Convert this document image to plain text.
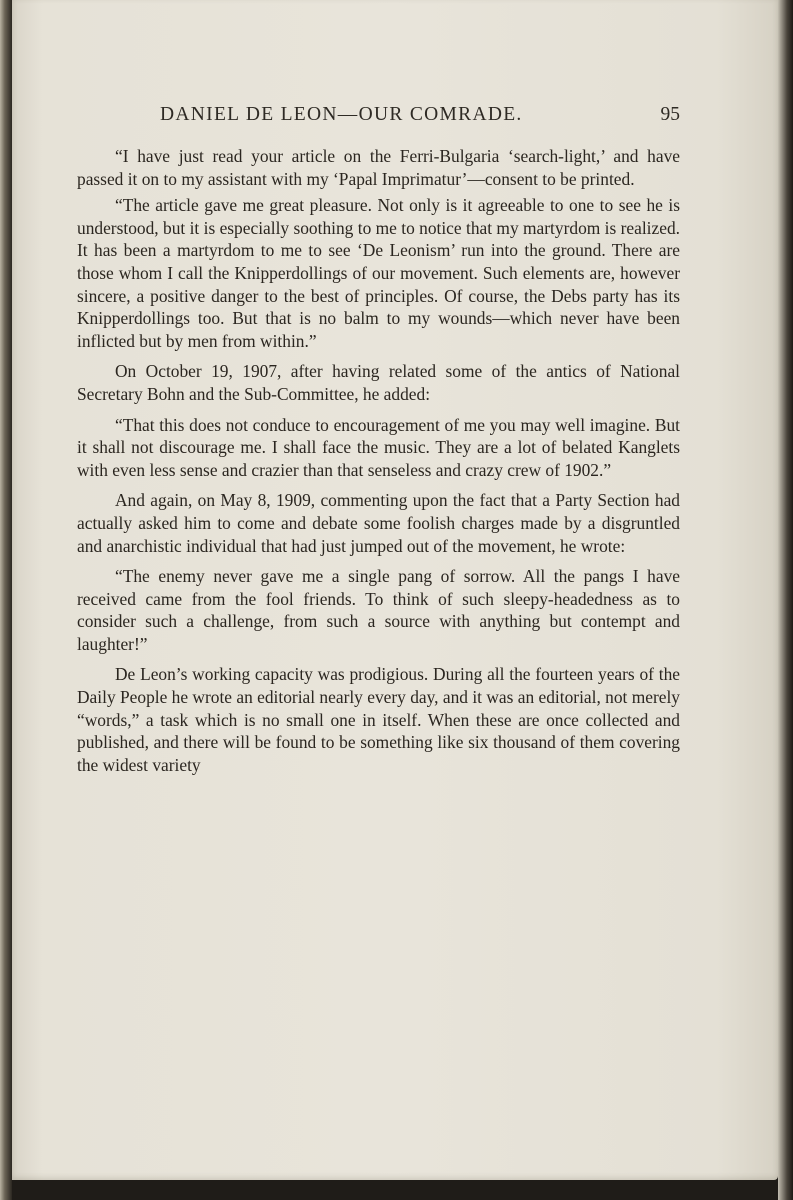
DANIEL DE LEON—OUR COMRADE.	95

“I have just read your article on the Ferri-Bulgaria ‘search-light,’ and have passed it on to my assistant with my ‘Papal Imprimatur’—consent to be printed.

“The article gave me great pleasure. Not only is it agreeable to one to see he is understood, but it is especially soothing to me to notice that my martyrdom is realized. It has been a martyrdom to me to see ‘De Leonism’ run into the ground. There are those whom I call the Knipperdollings of our movement. Such elements are, however sincere, a positive danger to the best of principles. Of course, the Debs party has its Knipperdollings too. But that is no balm to my wounds—which never have been inflicted but by men from within.”

On October 19, 1907, after having related some of the antics of National Secretary Bohn and the Sub-Committee, he added:

“That this does not conduce to encouragement of me you may well imagine. But it shall not discourage me. I shall face the music. They are a lot of belated Kanglets with even less sense and crazier than that senseless and crazy crew of 1902.”

And again, on May 8, 1909, commenting upon the fact that a Party Section had actually asked him to come and debate some foolish charges made by a disgruntled and anarchistic individual that had just jumped out of the movement, he wrote:

“The enemy never gave me a single pang of sorrow. All the pangs I have received came from the fool friends. To think of such sleepy-headedness as to consider such a challenge, from such a source with anything but contempt and laughter!”

De Leon’s working capacity was prodigious. During all the fourteen years of the Daily People he wrote an editorial nearly every day, and it was an editorial, not merely “words,” a task which is no small one in itself. When these are once collected and published, and there will be found to be something like six thousand of them covering the widest variety
